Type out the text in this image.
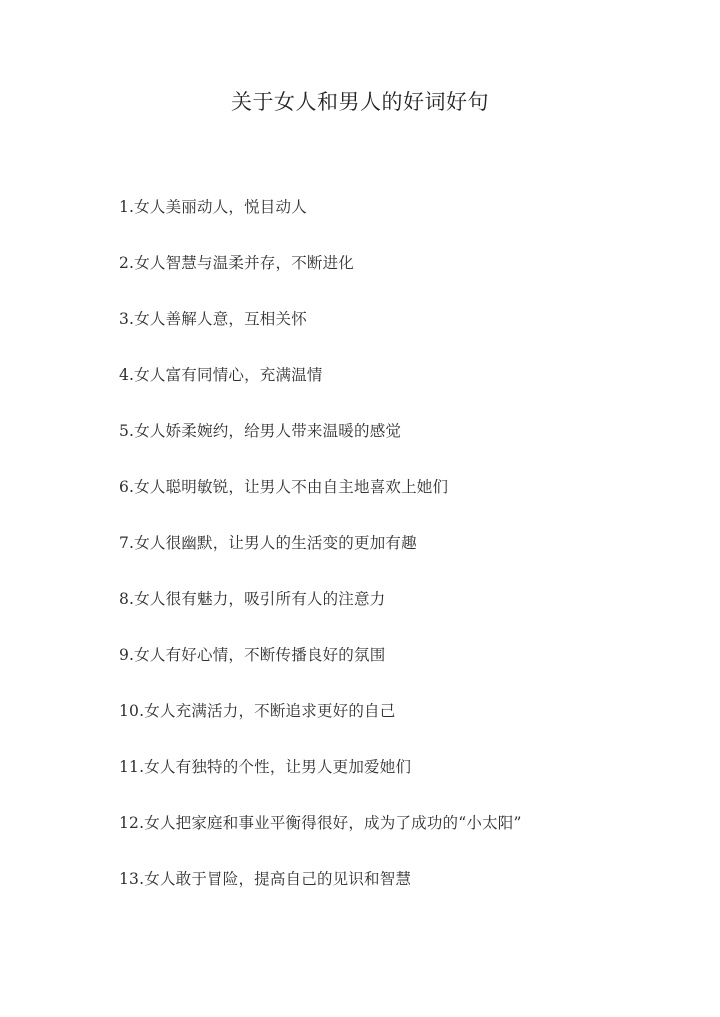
关于女人和男人的好词好句
1.女人美丽动人，悦目动人
2.女人智慧与温柔并存，不断进化
3.女人善解人意，互相关怀
4.女人富有同情心，充满温情
5.女人娇柔婉约，给男人带来温暖的感觉
6.女人聪明敏锐，让男人不由自主地喜欢上她们
7.女人很幽默，让男人的生活变的更加有趣
8.女人很有魅力，吸引所有人的注意力
9.女人有好心情，不断传播良好的氛围
10.女人充满活力，不断追求更好的自己
11.女人有独特的个性，让男人更加爱她们
12.女人把家庭和事业平衡得很好，成为了成功的“小太阳”
13.女人敢于冒险，提高自己的见识和智慧
